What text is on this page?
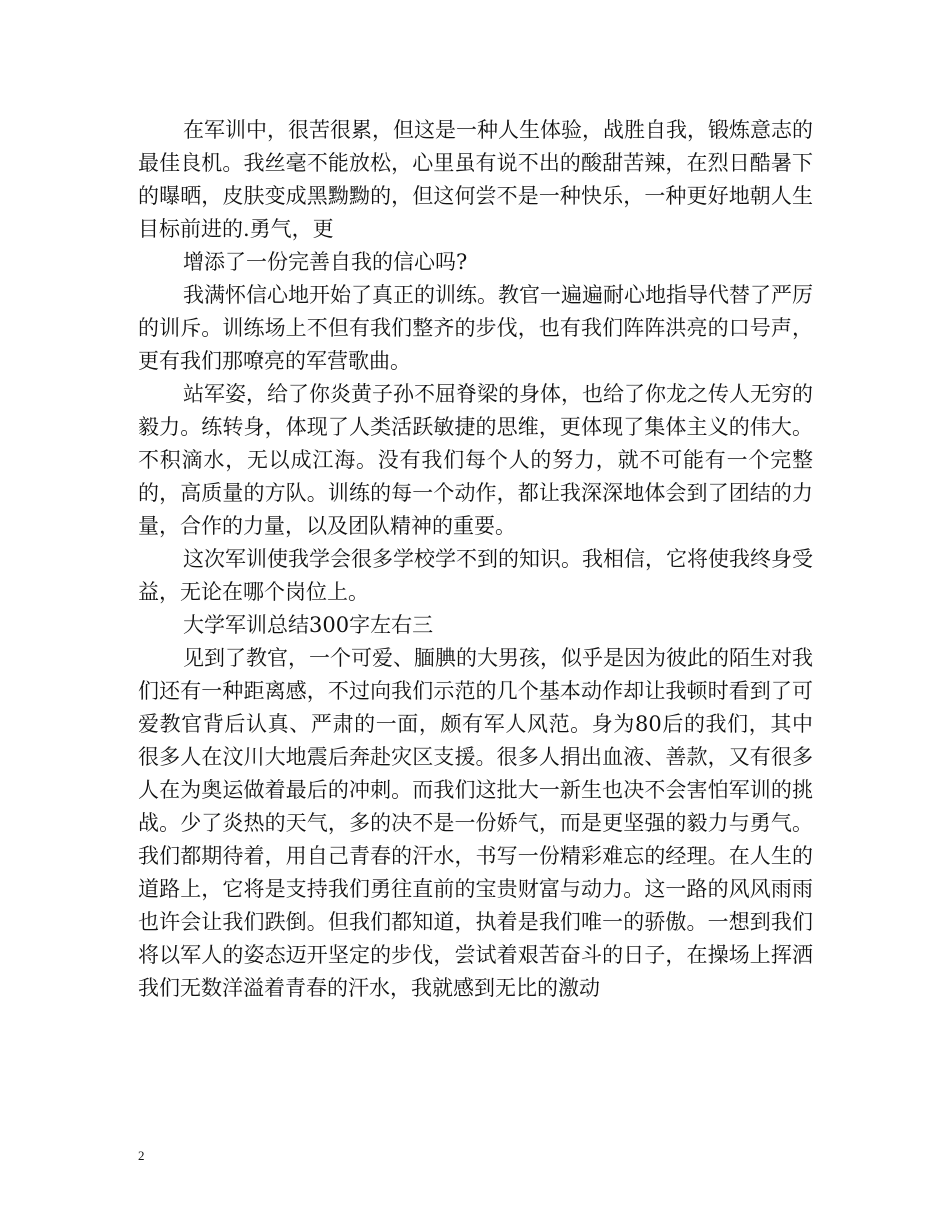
在军训中，很苦很累，但这是一种人生体验，战胜自我，锻炼意志的最佳良机。我丝毫不能放松，心里虽有说不出的酸甜苦辣，在烈日酷暑下的曝晒，皮肤变成黑黝黝的，但这何尝不是一种快乐，一种更好地朝人生目标前进的.勇气，更

增添了一份完善自我的信心吗?

我满怀信心地开始了真正的训练。教官一遍遍耐心地指导代替了严厉的训斥。训练场上不但有我们整齐的步伐，也有我们阵阵洪亮的口号声，更有我们那嘹亮的军营歌曲。

站军姿，给了你炎黄子孙不屈脊梁的身体，也给了你龙之传人无穷的毅力。练转身，体现了人类活跃敏捷的思维，更体现了集体主义的伟大。不积滴水，无以成江海。没有我们每个人的努力，就不可能有一个完整的，高质量的方队。训练的每一个动作，都让我深深地体会到了团结的力量，合作的力量，以及团队精神的重要。

这次军训使我学会很多学校学不到的知识。我相信，它将使我终身受益，无论在哪个岗位上。

大学军训总结300字左右三

见到了教官，一个可爱、腼腆的大男孩，似乎是因为彼此的陌生对我们还有一种距离感，不过向我们示范的几个基本动作却让我顿时看到了可爱教官背后认真、严肃的一面，颇有军人风范。身为80后的我们，其中很多人在汶川大地震后奔赴灾区支援。很多人捐出血液、善款，又有很多人在为奥运做着最后的冲刺。而我们这批大一新生也决不会害怕军训的挑战。少了炎热的天气，多的决不是一份娇气，而是更坚强的毅力与勇气。我们都期待着，用自己青春的汗水，书写一份精彩难忘的经理。在人生的道路上，它将是支持我们勇往直前的宝贵财富与动力。这一路的风风雨雨也许会让我们跌倒。但我们都知道，执着是我们唯一的骄傲。一想到我们将以军人的姿态迈开坚定的步伐，尝试着艰苦奋斗的日子，在操场上挥洒我们无数洋溢着青春的汗水，我就感到无比的激动

2
